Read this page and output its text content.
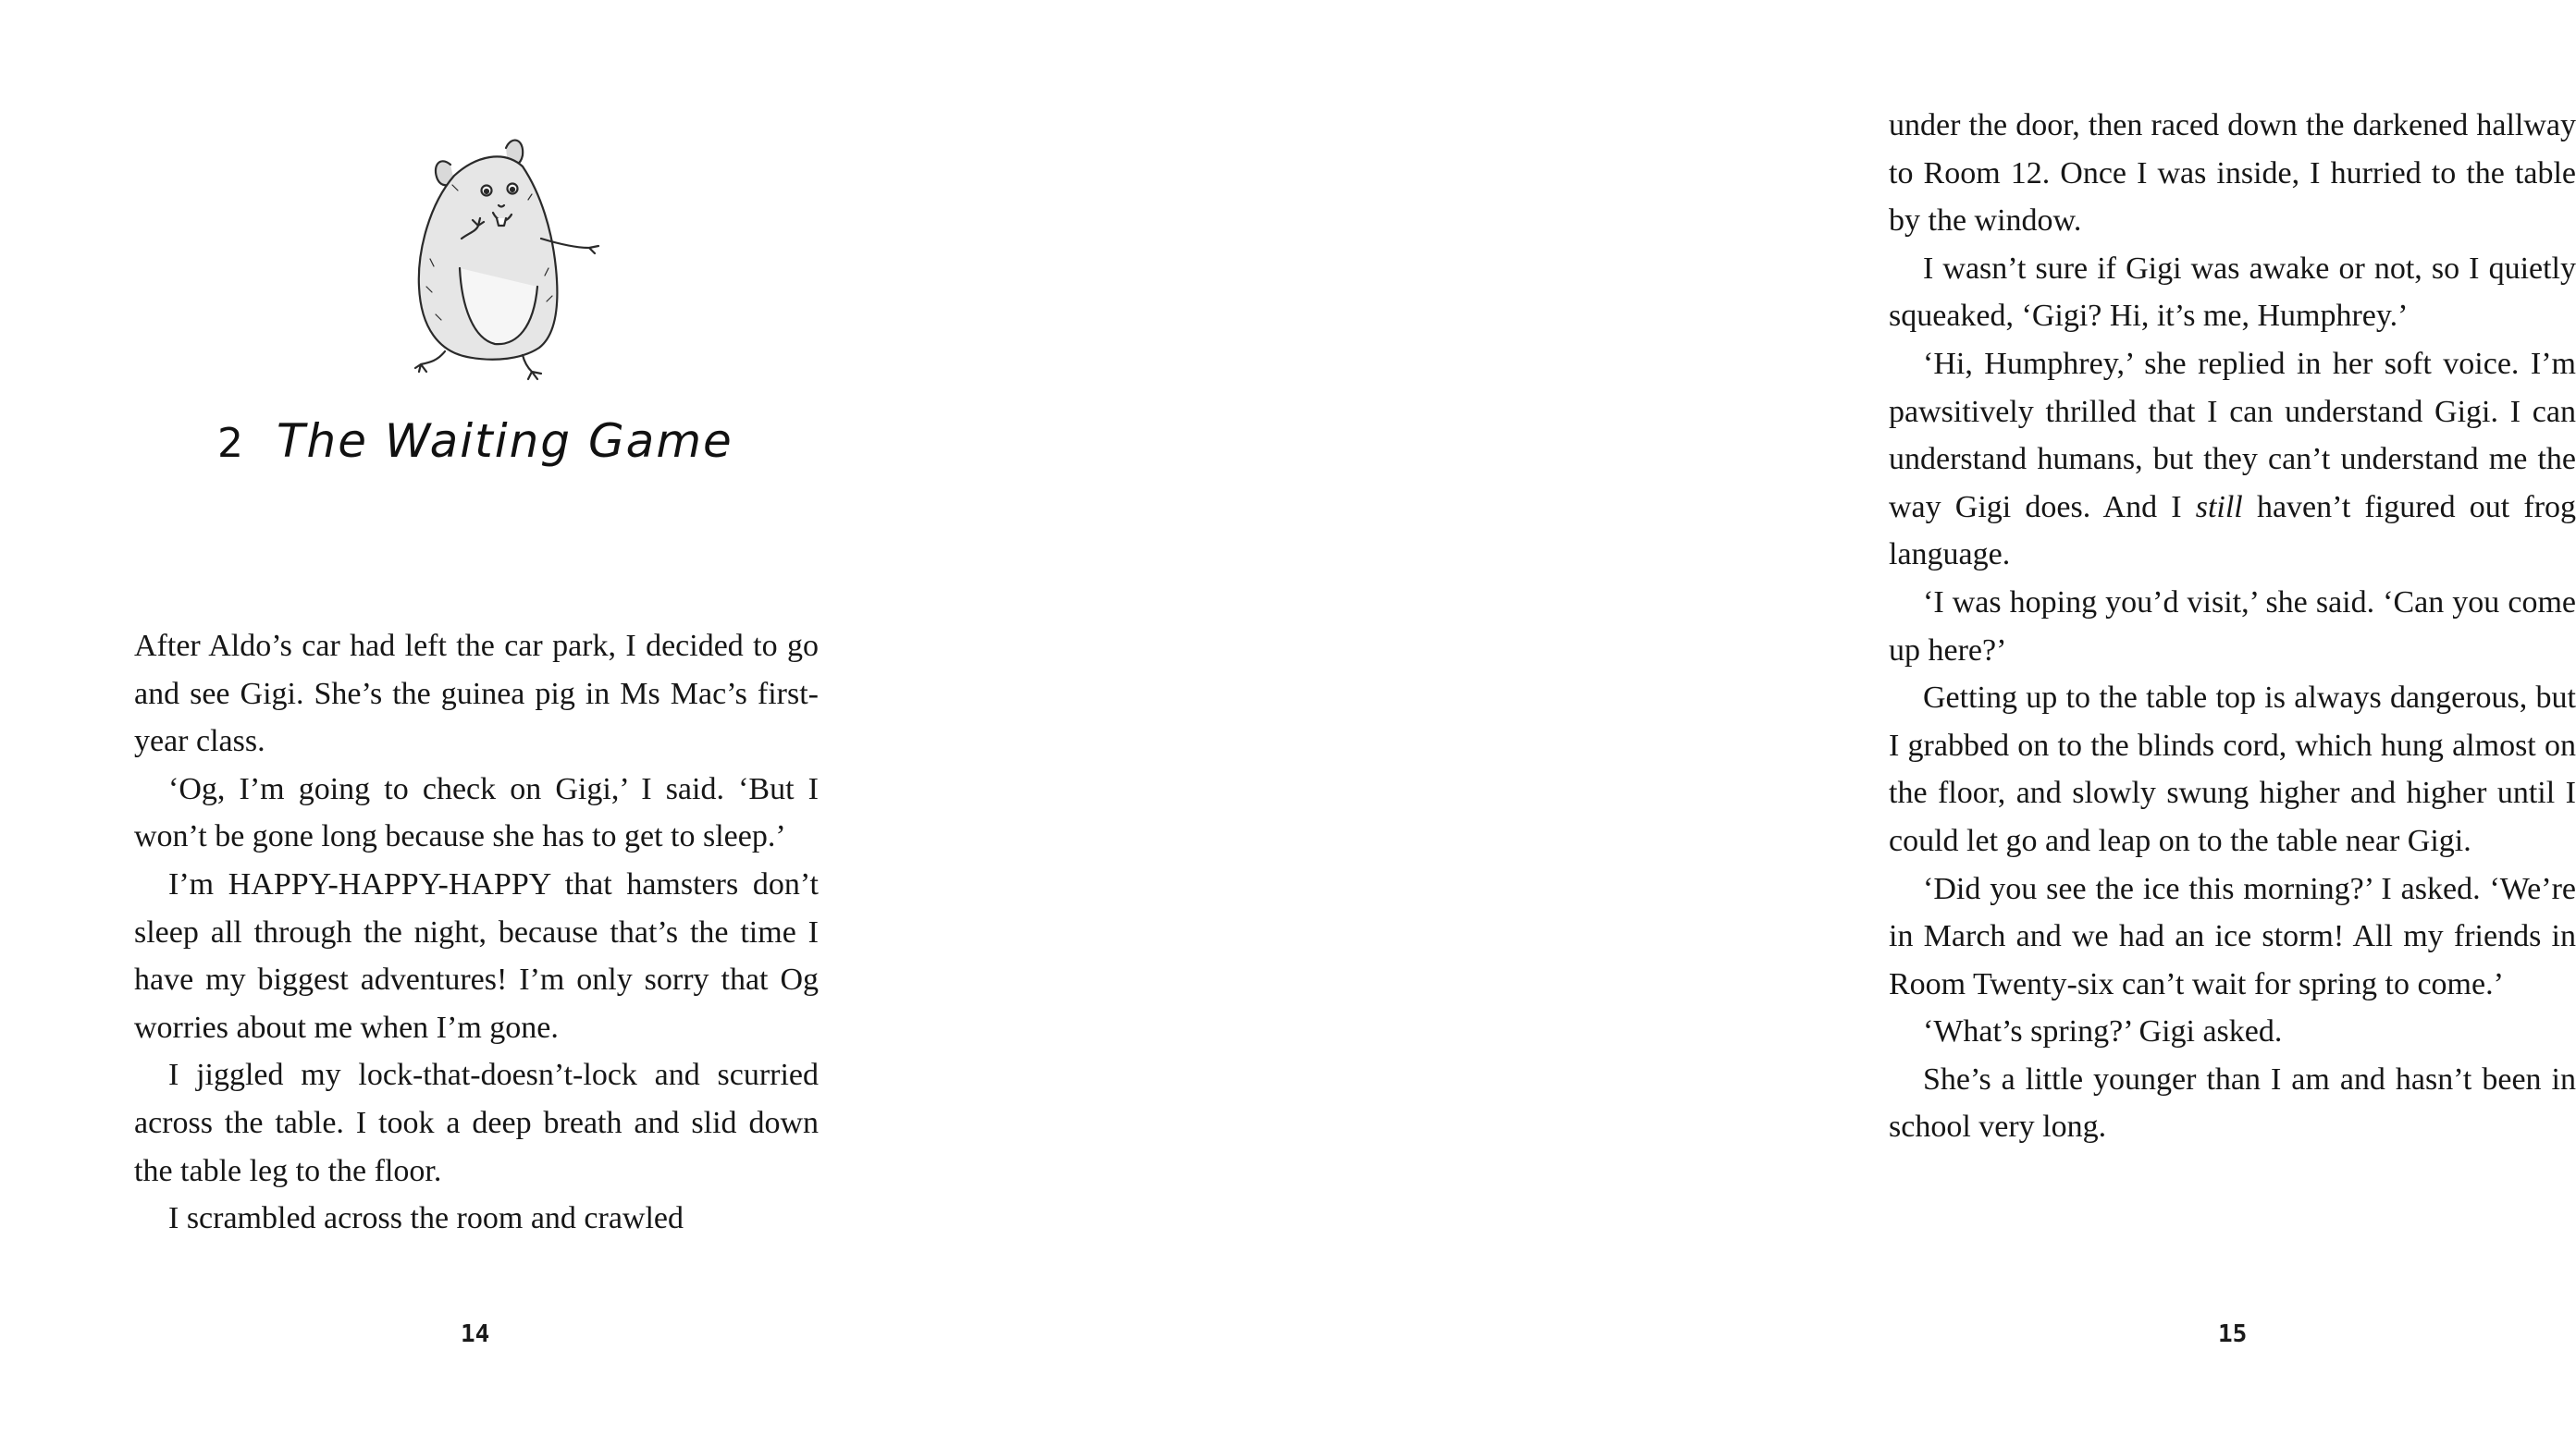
2 The Waiting Game

After Aldo’s car had left the car park, I decided to go and see Gigi. She’s the guinea pig in Ms Mac’s first-year class.

‘Og, I’m going to check on Gigi,’ I said. ‘But I won’t be gone long because she has to get to sleep.’

I’m HAPPY-HAPPY-HAPPY that hamsters don’t sleep all through the night, because that’s the time I have my biggest adventures! I’m only sorry that Og worries about me when I’m gone.

I jiggled my lock-that-doesn’t-lock and scurried across the table. I took a deep breath and slid down the table leg to the floor.

I scrambled across the room and crawled

14

under the door, then raced down the darkened hallway to Room 12. Once I was inside, I hurried to the table by the window.

I wasn’t sure if Gigi was awake or not, so I quietly squeaked, ‘Gigi? Hi, it’s me, Humphrey.’

‘Hi, Humphrey,’ she replied in her soft voice. I’m pawsitively thrilled that I can understand Gigi. I can understand humans, but they can’t understand me the way Gigi does. And I still haven’t figured out frog language.

‘I was hoping you’d visit,’ she said. ‘Can you come up here?’

Getting up to the table top is always dangerous, but I grabbed on to the blinds cord, which hung almost on the floor, and slowly swung higher and higher until I could let go and leap on to the table near Gigi.

‘Did you see the ice this morning?’ I asked. ‘We’re in March and we had an ice storm! All my friends in Room Twenty-six can’t wait for spring to come.’

‘What’s spring?’ Gigi asked.

She’s a little younger than I am and hasn’t been in school very long.

15
